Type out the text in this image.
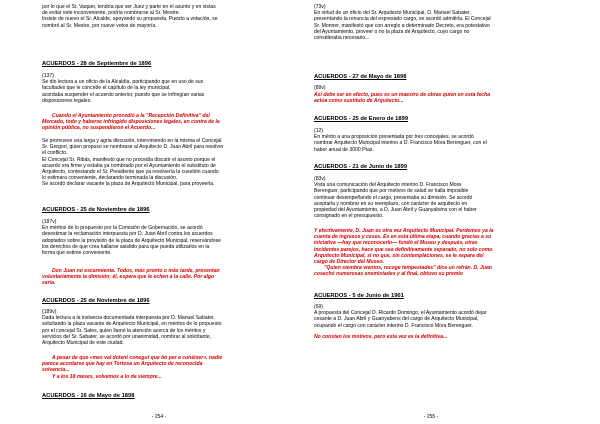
por lo que el Sr. Vaquer, tendría que ser Juez y parte en el asunto y en vistas

de evitar este inconveniente, podría nombrarse al Sr. Mestre.

Insiste de nuevo el Sr. Alcalde, apoyando su propuesta. Puesto a votación, se

nombró al Sr. Mestre, por nueve votos de mayoría.

ACUERDOS - 28 de Septiembre de 1896

(137)

Se dio lectura a un oficio de la Alcaldía, participando que en uso de sus

facultades que le concede el capítulo de la ley municipal,

acordaba suspender el acuerdo anterior, puesto que se infringían varias

disposiciones legales.

Cuando el Ayuntamiento procedió a la "Recepción Definitiva" del

Mercado, todo y haberse infringido disposiciones legales, en contra de la

opinión pública, no suspendieron el Acuerdo...

Se promueve una larga y agria discusión, interviniendo en la misma el Concejal

Sr. Gregori, quien propuso se nombrase al Arquitecto D. Juan Abril para resolver

el conflicto.

El Concejal Sr. Ribás, manifestó que no procedía discutir el asunto porque el

acuerdo era firme y estaba ya nombrado por el Ayuntamiento el substituto de

Arquitecto, contestando el Sr. Presidente que ya resolvería la cuestión cuando

lo estimara conveniente, declarando terminada la discusión.

Se acordó declarar vacante la plaza de Arquitecto Municipal, para proveerla.

ACUERDOS - 25 de Noviembre de 1896

(187v)

En méritos de lo propuesto por la Comisión de Gobernación, se acordó

desestimar la reclamación interpuesta por D. Juan Abril contra los acuerdos

adoptados sobre la provisión de la plaza de Arquitecto Municipal, reservándose

los derechos de que crea hallarse asistido para que pueda utilizarlos en la

forma que estime conveniente.

Don Juan no escarmienta. Todos, más pronto o más tarde, presentan

voluntariamente la dimisión; él, espera que le echen a la calle. Por algo

sería.

ACUERDOS - 25 de Noviembre de 1896

(189v)

Dada lectura a la instancia documentada interpuesta por D. Manuel Sabater,

solicitando la plaza vacante de Arquitecto Municipal, en méritos de lo propuesto

por el concejal Sr. Sales, quien llamó la atención acerca de los méritos y

servicios del Sr. Sabater, se acordó por unanimidad, nombrar al solicitante,

Arquitecto Municipal de este ciudad.

A pesar de que «mes val dolent conegut que bò per a conèixer», nadie

parece acordarse que hay en Tortosa un Arquitecto de reconocida

solvencia...

Y a los 18 meses, volvemos a lo de siempre...

ACUERDOS - 16 de Mayo de 1898
- 254 -

(73v)

En virtud de un oficio del Sr. Arquitecto Municipal, D. Manuel Sabater,

presentando la renuncia del expresado cargo, se acordó admitirla. El Concejal

Sr. Monner, manifestó que con arreglo a determinado Decreto, era potestativo

del Ayuntamiento, proveer o no la plaza de Arquitecto, cuyo cargo no

consideraba necesario...

ACUERDOS - 27 de Mayo de 1898

(89v)

Así debe ser en efecto, pues es un maestro de obras quien en esta fecha

actúa como sustituto de Arquitecto...

ACUERDOS - 25 de Enero de 1899

(12)

En mérito a una proposición presentada por tres concejales, se acordó

nombrar Arquitecto Municipal interino a D. Francisco Mora Berenguer, con el

haber anual de 3000 Ptas.

ACUERDOS - 21 de Junio de 1899

(83v)

Vista una comunicación del Arquitecto interino D. Francisco Mora

Berenguer, participando que por motivos de salud se halla imposible

continuar desempeñando el cargo, presentaba su dimisión. Se acordó

aceptarla y nombrar en su reemplazo, con carácter de arquitecto en

propiedad del Ayuntamiento, a D. Juan Abril y Guanyabens con el haber

consignado en el presupuesto.

Y efectivamente, D. Juan es otra vez Arquitecto Municipal. Perdemos ya la

cuenta de ingresos y ceses. Es en esta última etapa, cuando gracias a su

iniciativa —hay que reconocerlo— fundó el Museo y después, otras

incidentes parejos, hace que sea definitivamente separado, no solo como

Arquitecto Municipal, si no que, sin contemplaciones, se le separa del

cargo de Director del Museo.

"Quien siembra vientos, recoge tempestades" dice un refrán. D. Juan

cosechó numerosas enemistades y al final, obtuvo su premio

ACUERDOS - 5 de Junio de 1901

(69)

A propuesta del Concejal D. Ricardo Domingo, el Ayuntamiento acordó dejar

cesante a D. Juan Abril y Guanyabens del cargo de Arquitecto Municipal,

ocupando el cargo con carácter interino D. Francisco Mora Berenguer.

No constan los motivos, pero esta vez es la definitiva...

- 255 -
